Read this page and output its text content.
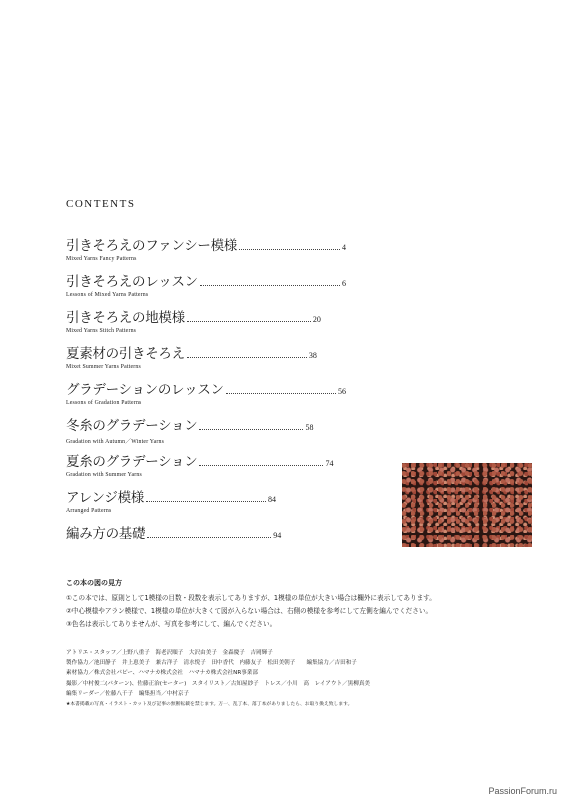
CONTENTS
引きそろえのファンシー模様	4
Mixed Yarns Fancy Patterns
引きそろえのレッスン	6
Lessons of Mixed Yarns Patterns
引きそろえの地模様	20
Mixed Yarns Stitch Patterns
夏素材の引きそろえ	38
Mixet Summer Yarns Patterns
グラデーションのレッスン	56
Lessons of Gradation Patterns
冬糸のグラデーション	58
Gradation with Autumn／Winter Yarns
夏糸のグラデーション	74
Gradation with Summer Yarns
アレンジ模様	84
Arranged Patterns
編み方の基礎	94
この本の図の見方
①この本では、原則として1模様の目数・段数を表示してありますが、1模様の単位が大きい場合は欄外に表示してあります。
②中心模様やアラン模様で、1模様の単位が大きくて図が入らない場合は、右側の模様を参考にして左側を編んでください。
③色名は表示してありませんが、写真を参考にして、編んでください。
アトリエ・スタッフ／上野八重子　海老沢順子　大沢由美子　金森慶子　吉岡輝子
製作協力／池田静子　井上恵美子　兼古洋子　清水悦子　田中香代　内藤友子　松田美朝子　　編集協力／吉田和子
素材協力／株式会社パピー、ハマナカ株式会社　ハマナカ株式会社NR事業部
撮影／中村俊二(パターン)、佐藤正治(セーター)　スタイリスト／古知屋紗子　トレス／小川　高　レイアウト／黒柳真美
編集リーダー／佐藤八千子　編集担当／中村京子
★本書掲載の写真・イラスト・カット及び記事の無断転載を禁じます。万一、乱丁本、落丁本がありましたら、お取り換え致します。
PassionForum.ru
